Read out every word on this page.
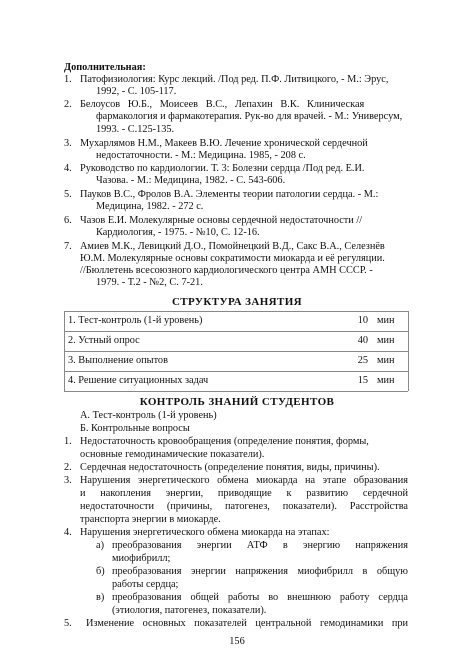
Дополнительная:
1. Патофизиология: Курс лекций. /Под ред. П.Ф. Литвицкого, - М.: Эрус,
1992, - С. 105-117.
2. Белоусов   Ю.Б.,   Моисеев   В.С.,   Лепахин   В.К.   Клиническая
фармакология и фармакотерапия. Рук-во для врачей. - М.: Универсум,
1993. - С.125-135.
3. Мухарлямов Н.М., Макеев В.Ю. Лечение хронической сердечной
недостаточности. - М.: Медицина. 1985, - 208 с.
4. Руководство по кардиологии. Т. 3: Болезни сердца /Под ред. Е.И.
Чазова. - М.: Медицина, 1982. - С. 543-606.
5. Пауков В.С., Фролов В.А. Элементы теории патологии сердца. - М.:
Медицина, 1982. - 272 с.
6. Чазов Е.И. Молекулярные основы сердечной недостаточности //
Кардиология, - 1975. - №10, С. 12-16.
7. Амиев М.К., Левицкий Д.О., Помойнецкий В.Д., Сакс В.А., Селезнёв
Ю.М. Молекулярные основы сократимости миокарда и её регуляции.
//Бюллетень всесоюзного кардиологического центра АМН СССР. -
1979. - Т.2 - №2, С. 7-21.
СТРУКТУРА ЗАНЯТИЯ
1. Тест-контроль (1-й уровень)	10 мин
2. Устный опрос	40 мин
3. Выполнение опытов	25 мин
4. Решение ситуационных задач	15 мин
КОНТРОЛЬ ЗНАНИЙ СТУДЕНТОВ
А. Тест-контроль (1-й уровень)
Б. Контрольные вопросы
1. Недостаточность кровообращения (определение понятия, формы,
основные гемодинамические показатели).
2. Сердечная недостаточность (определение понятия, виды, причины).
3. Нарушения энергетического обмена миокарда на этапе образования
и накопления энергии, приводящие к развитию сердечной
недостаточности (причины, патогенез, показатели). Расстройства
транспорта энергии в миокарде.
4. Нарушения энергетического обмена миокарда на этапах:
а) преобразования энергии АТФ в энергию напряжения
миофибрилл;
б) преобразования энергии напряжения миофибрилл в общую
работы сердца;
в) преобразования общей работы во внешнюю работу сердца
(этиология, патогенез, показатели).
5. Изменение основных показателей центральной гемодинамики при
156
